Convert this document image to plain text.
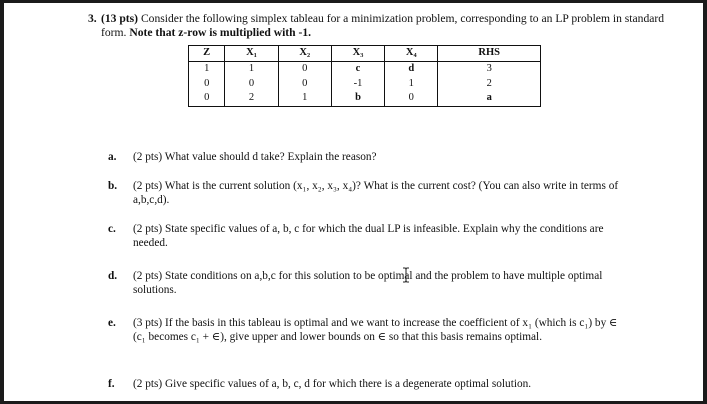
3. (13 pts) Consider the following simplex tableau for a minimization problem, corresponding to an LP problem in standard form. Note that z-row is multiplied with -1.
Z	X₁	X₂	X₃	X₄	RHS
1	1	0	c	d	3
0	0	0	-1	1	2
0	2	1	b	0	a
a. (2 pts) What value should d take? Explain the reason?
b. (2 pts) What is the current solution (x₁, x₂, x₃, x₄)? What is the current cost? (You can also write in terms of a,b,c,d).
c. (2 pts) State specific values of a, b, c for which the dual LP is infeasible. Explain why the conditions are needed.
d. (2 pts) State conditions on a,b,c for this solution to be optimal and the problem to have multiple optimal solutions.
e. (3 pts) If the basis in this tableau is optimal and we want to increase the coefficient of x₁ (which is c₁) by ∈ (c₁ becomes c₁ + ∈), give upper and lower bounds on ∈ so that this basis remains optimal.
f. (2 pts) Give specific values of a, b, c, d for which there is a degenerate optimal solution.
